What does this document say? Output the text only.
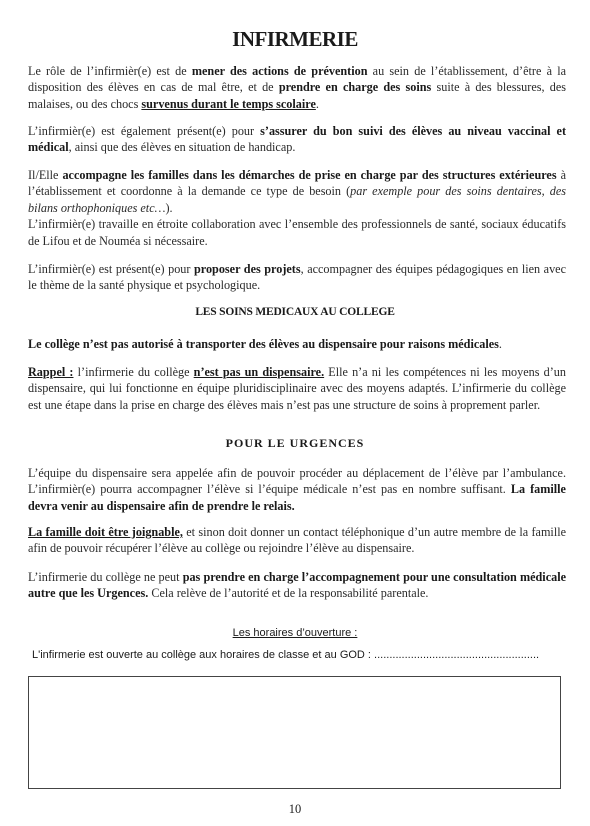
INFIRMERIE

Le rôle de l’infirmièr(e) est de mener des actions de prévention au sein de l’établissement, d’être à la disposition des élèves en cas de mal être, et de prendre en charge des soins suite à des blessures, des malaises, ou des chocs survenus durant le temps scolaire.

L’infirmièr(e) est également présent(e) pour s’assurer du bon suivi des élèves au niveau vaccinal et médical, ainsi que des élèves en situation de handicap.

Il/Elle accompagne les familles dans les démarches de prise en charge par des structures extérieures à l’établissement et coordonne à la demande ce type de besoin (par exemple pour des soins dentaires, des bilans orthophoniques etc…).

L’infirmièr(e) travaille en étroite collaboration avec l’ensemble des professionnels de santé, sociaux éducatifs de Lifou et de Nouméa si nécessaire.

L’infirmièr(e) est présent(e) pour proposer des projets, accompagner des équipes pédagogiques en lien avec le thème de la santé physique et psychologique.

LES SOINS MEDICAUX AU COLLEGE

Le collège n’est pas autorisé à transporter des élèves au dispensaire pour raisons médicales.

Rappel : l’infirmerie du collège n’est pas un dispensaire. Elle n’a ni les compétences ni les moyens d’un dispensaire, qui lui fonctionne en équipe pluridisciplinaire avec des moyens adaptés. L’infirmerie du collège est une étape dans la prise en charge des élèves mais n’est pas une structure de soins à proprement parler.

POUR LE URGENCES

L’équipe du dispensaire sera appelée afin de pouvoir procéder au déplacement de l’élève par l’ambulance. L’infirmièr(e) pourra accompagner l’élève si l’équipe médicale n’est pas en nombre suffisant. La famille devra venir au dispensaire afin de prendre le relais.

La famille doit être joignable, et sinon doit donner un contact téléphonique d’un autre membre de la famille afin de pouvoir récupérer l’élève au collège ou rejoindre l’élève au dispensaire.

L’infirmerie du collège ne peut pas prendre en charge l’accompagnement pour une consultation médicale autre que les Urgences. Cela relève de l’autorité et de la responsabilité parentale.

Les horaires d’ouverture :
L'infirmerie est ouverte au collège aux horaires de classe et au GOD : ......................................................
10
